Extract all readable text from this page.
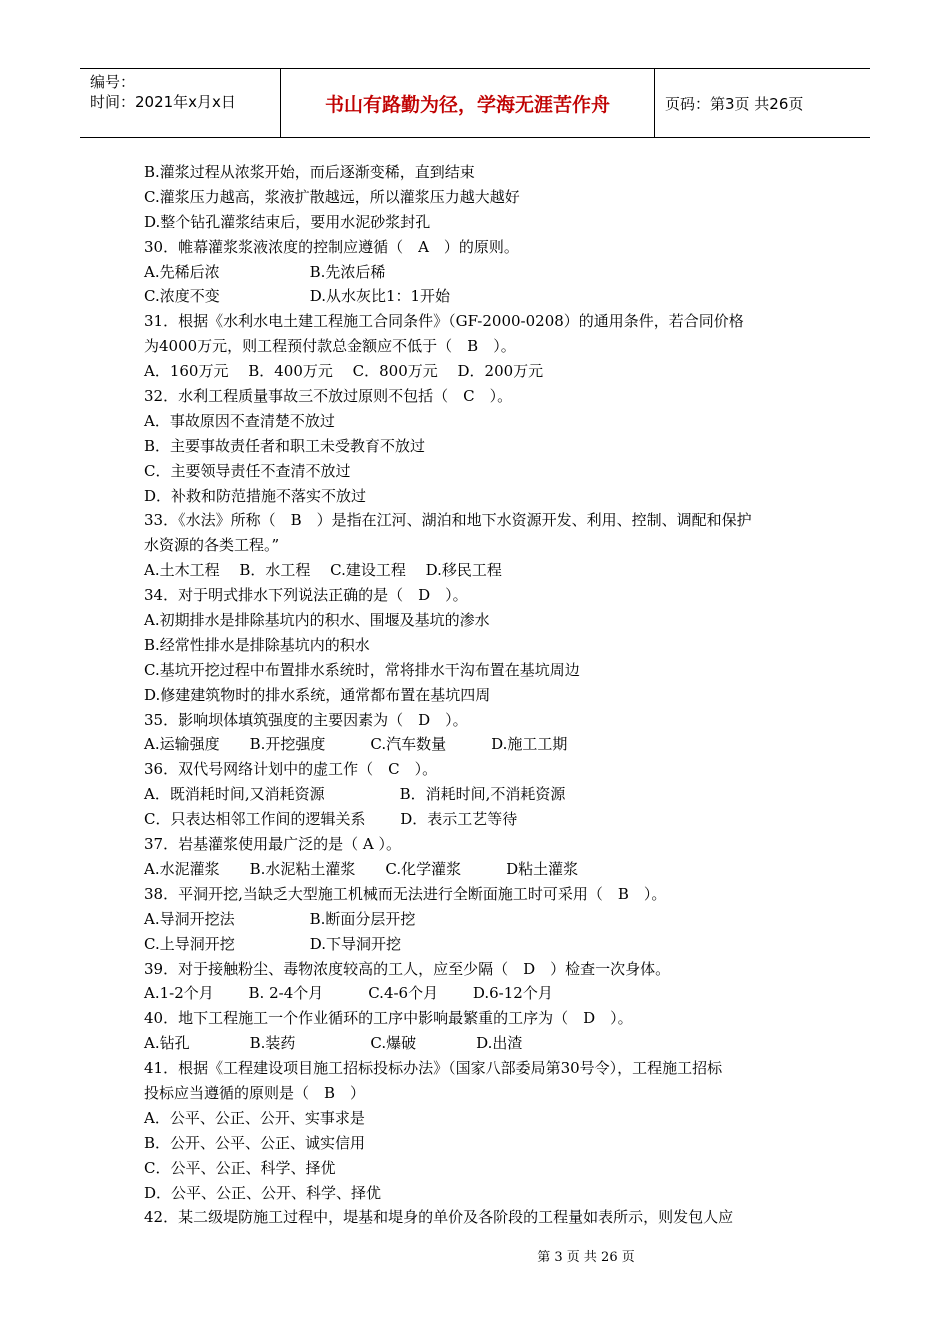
编号：
时间：2021年x月x日	书山有路勤为径，学海无涯苦作舟	页码：第3页 共26页
B.灌浆过程从浓浆开始，而后逐渐变稀，直到结束
C.灌浆压力越高，浆液扩散越远，所以灌浆压力越大越好
D.整个钻孔灌浆结束后，要用水泥砂浆封孔
30．帷幕灌浆浆液浓度的控制应遵循（　A　）的原则。
A.先稀后浓　　　　　　B.先浓后稀
C.浓度不变　　　　　　D.从水灰比1：1开始
31．根据《水利水电土建工程施工合同条件》（GF-2000-0208）的通用条件，若合同价格
为4000万元，则工程预付款总金额应不低于（　B　）。
A．160万元　 B．400万元　 C．800万元　 D．200万元
32．水利工程质量事故三不放过原则不包括（　C　）。
A．事故原因不查清楚不放过
B．主要事故责任者和职工未受教育不放过
C．主要领导责任不查清不放过
D．补救和防范措施不落实不放过
33．《水法》所称（　B　）是指在江河、湖泊和地下水资源开发、利用、控制、调配和保护
水资源的各类工程。”
A.土木工程　 B．水工程　 C.建设工程　 D.移民工程
34．对于明式排水下列说法正确的是（　D　）。
A.初期排水是排除基坑内的积水、围堰及基坑的渗水
B.经常性排水是排除基坑内的积水
C.基坑开挖过程中布置排水系统时，常将排水干沟布置在基坑周边
D.修建建筑物时的排水系统，通常都布置在基坑四周
35．影响坝体填筑强度的主要因素为（　D　）。
A.运输强度　　B.开挖强度　　　C.汽车数量　　　D.施工工期
36．双代号网络计划中的虚工作（　C　）。
A．既消耗时间,又消耗资源　　　　　B．消耗时间,不消耗资源
C．只表达相邻工作间的逻辑关系　　 D．表示工艺等待
37．岩基灌浆使用最广泛的是（ A ）。
A.水泥灌浆　　B.水泥粘土灌浆　　C.化学灌浆　　　D粘土灌浆
38．平洞开挖,当缺乏大型施工机械而无法进行全断面施工时可采用（　B　）。
A.导洞开挖法　　　　　B.断面分层开挖
C.上导洞开挖　　　　　D.下导洞开挖
39．对于接触粉尘、毒物浓度较高的工人，应至少隔（　D　）检查一次身体。
A.1-2个月　　 B. 2-4个月　　　C.4-6个月　　 D.6-12个月
40．地下工程施工一个作业循环的工序中影响最繁重的工序为（　D　）。
A.钻孔　　　　B.装药　　　　　C.爆破　　　　D.出渣
41．根据《工程建设项目施工招标投标办法》（国家八部委局第30号令），工程施工招标
投标应当遵循的原则是（　B　）
A．公平、公正、公开、实事求是
B．公开、公平、公正、诚实信用
C．公平、公正、科学、择优
D．公平、公正、公开、科学、择优
42．某二级堤防施工过程中，堤基和堤身的单价及各阶段的工程量如表所示，则发包人应
第 3 页 共 26 页
